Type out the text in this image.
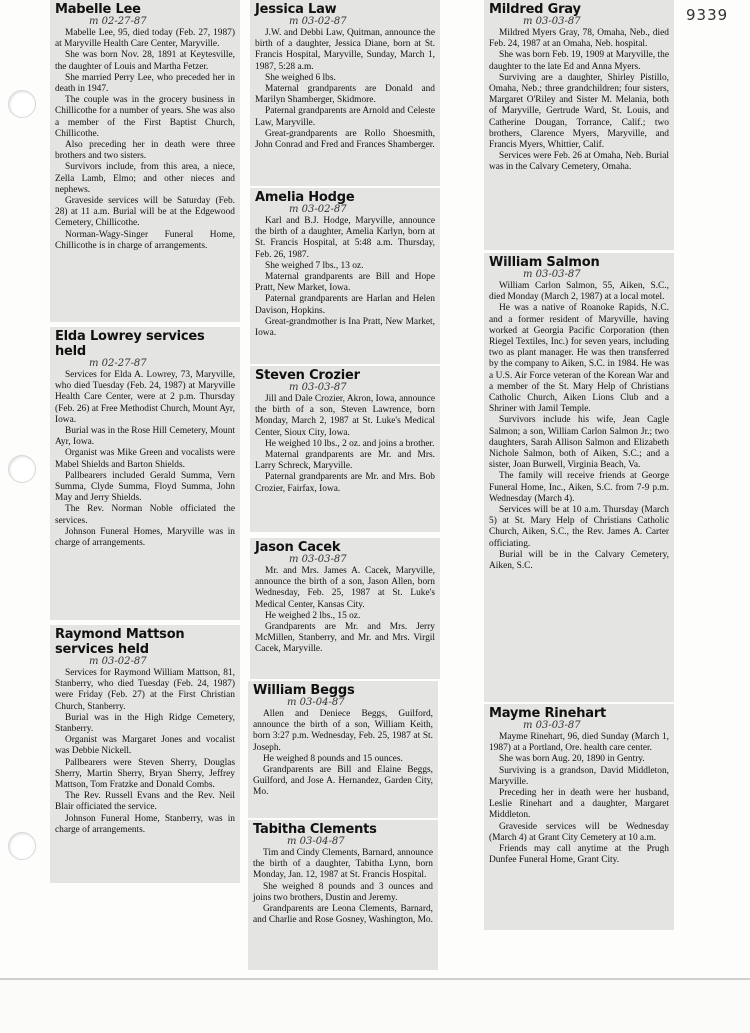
9339
Mabelle Lee
m 02-27-87

Mabelle Lee, 95, died today (Feb. 27, 1987) at Maryville Health Care Center, Maryville.

She was born Nov. 28, 1891 at Keytesville, the daughter of Louis and Martha Fetzer.

She married Perry Lee, who preceded her in death in 1947.

The couple was in the grocery business in Chillicothe for a number of years. She was also a member of the First Baptist Church, Chillicothe.

Also preceding her in death were three brothers and two sisters.

Survivors include, from this area, a niece, Zella Lamb, Elmo; and other nieces and nephews.

Graveside services will be Saturday (Feb. 28) at 11 a.m. Burial will be at the Edgewood Cemetery, Chillicothe.

Norman-Wagy-Singer Funeral Home, Chillicothe is in charge of arrangements.

Elda Lowrey services held
m 02-27-87

Services for Elda A. Lowrey, 73, Maryville, who died Tuesday (Feb. 24, 1987) at Maryville Health Care Center, were at 2 p.m. Thursday (Feb. 26) at Free Methodist Church, Mount Ayr, Iowa.

Burial was in the Rose Hill Cemetery, Mount Ayr, Iowa.

Organist was Mike Green and vocalists were Mabel Shields and Barton Shields.

Pallbearers included Gerald Summa, Vern Summa, Clyde Summa, Floyd Summa, John May and Jerry Shields.

The Rev. Norman Noble officiated the services.

Johnson Funeral Homes, Maryville was in charge of arrangements.

Raymond Mattson services held
m 03-02-87

Services for Raymond William Mattson, 81, Stanberry, who died Tuesday (Feb. 24, 1987) were Friday (Feb. 27) at the First Christian Church, Stanberry.

Burial was in the High Ridge Cemetery, Stanberry.

Organist was Margaret Jones and vocalist was Debbie Nickell.

Pallbearers were Steven Sherry, Douglas Sherry, Martin Sherry, Bryan Sherry, Jeffrey Mattson, Tom Fratzke and Donald Combs.

The Rev. Russell Evans and the Rev. Neil Blair officiated the service.

Johnson Funeral Home, Stanberry, was in charge of arrangements.

Jessica Law
m 03-02-87

J.W. and Debbi Law, Quitman, announce the birth of a daughter, Jessica Diane, born at St. Francis Hospital, Maryville, Sunday, March 1, 1987, 5:28 a.m.

She weighed 6 lbs.

Maternal grandparents are Donald and Marilyn Shamberger, Skidmore.

Paternal grandparents are Arnold and Celeste Law, Maryville.

Great-grandparents are Rollo Shoesmith, John Conrad and Fred and Frances Shamberger.

Amelia Hodge
m 03-02-87

Karl and B.J. Hodge, Maryville, announce the birth of a daughter, Amelia Karlyn, born at St. Francis Hospital, at 5:48 a.m. Thursday, Feb. 26, 1987.

She weighed 7 lbs., 13 oz.

Maternal grandparents are Bill and Hope Pratt, New Market, Iowa.

Paternal grandparents are Harlan and Helen Davison, Hopkins.

Great-grandmother is Ina Pratt, New Market, Iowa.

Steven Crozier
m 03-03-87

Jill and Dale Crozier, Akron, Iowa, announce the birth of a son, Steven Lawrence, born Monday, March 2, 1987 at St. Luke's Medical Center, Sioux City, Iowa.

He weighed 10 lbs., 2 oz. and joins a brother.

Maternal grandparents are Mr. and Mrs. Larry Schreck, Maryville.

Paternal grandparents are Mr. and Mrs. Bob Crozier, Fairfax, Iowa.

Jason Cacek
m 03-03-87

Mr. and Mrs. James A. Cacek, Maryville, announce the birth of a son, Jason Allen, born Wednesday, Feb. 25, 1987 at St. Luke's Medical Center, Kansas City.

He weighed 2 lbs., 15 oz.

Grandparents are Mr. and Mrs. Jerry McMillen, Stanberry, and Mr. and Mrs. Virgil Cacek, Maryville.

William Beggs
m 03-04-87

Allen and Deniece Beggs, Guilford, announce the birth of a son, William Keith, born 3:27 p.m. Wednesday, Feb. 25, 1987 at St. Joseph.

He weighed 8 pounds and 15 ounces.

Grandparents are Bill and Elaine Beggs, Guilford, and Jose A. Hernandez, Garden City, Mo.

Tabitha Clements
m 03-04-87

Tim and Cindy Clements, Barnard, announce the birth of a daughter, Tabitha Lynn, born Monday, Jan. 12, 1987 at St. Francis Hospital.

She weighed 8 pounds and 3 ounces and joins two brothers, Dustin and Jeremy.

Grandparents are Leona Clements, Barnard, and Charlie and Rose Gosney, Washington, Mo.

Mildred Gray
m 03-03-87

Mildred Myers Gray, 78, Omaha, Neb., died Feb. 24, 1987 at an Omaha, Neb. hospital.

She was born Feb. 19, 1909 at Maryville, the daughter to the late Ed and Anna Myers.

Surviving are a daughter, Shirley Pistillo, Omaha, Neb.; three grandchildren; four sisters, Margaret O'Riley and Sister M. Melania, both of Maryville, Gertrude Ward, St. Louis, and Catherine Dougan, Torrance, Calif.; two brothers, Clarence Myers, Maryville, and Francis Myers, Whittier, Calif.

Services were Feb. 26 at Omaha, Neb. Burial was in the Calvary Cemetery, Omaha.

William Salmon
m 03-03-87

William Carlon Salmon, 55, Aiken, S.C., died Monday (March 2, 1987) at a local motel.

He was a native of Roanoke Rapids, N.C. and a former resident of Maryville, having worked at Georgia Pacific Corporation (then Riegel Textiles, Inc.) for seven years, including two as plant manager. He was then transferred by the company to Aiken, S.C. in 1984. He was a U.S. Air Force veteran of the Korean War and a member of the St. Mary Help of Christians Catholic Church, Aiken Lions Club and a Shriner with Jamil Temple.

Survivors include his wife, Jean Cagle Salmon; a son, William Carlon Salmon Jr.; two daughters, Sarah Allison Salmon and Elizabeth Nichole Salmon, both of Aiken, S.C.; and a sister, Joan Burwell, Virginia Beach, Va.

The family will receive friends at George Funeral Home, Inc., Aiken, S.C. from 7-9 p.m. Wednesday (March 4).

Services will be at 10 a.m. Thursday (March 5) at St. Mary Help of Christians Catholic Church, Aiken, S.C., the Rev. James A. Carter officiating.

Burial will be in the Calvary Cemetery, Aiken, S.C.

Mayme Rinehart
m 03-03-87

Mayme Rinehart, 96, died Sunday (March 1, 1987) at a Portland, Ore. health care center.

She was born Aug. 20, 1890 in Gentry.

Surviving is a grandson, David Middleton, Maryville.

Preceding her in death were her husband, Leslie Rinehart and a daughter, Margaret Middleton.

Graveside services will be Wednesday (March 4) at Grant City Cemetery at 10 a.m.

Friends may call anytime at the Prugh Dunfee Funeral Home, Grant City.
